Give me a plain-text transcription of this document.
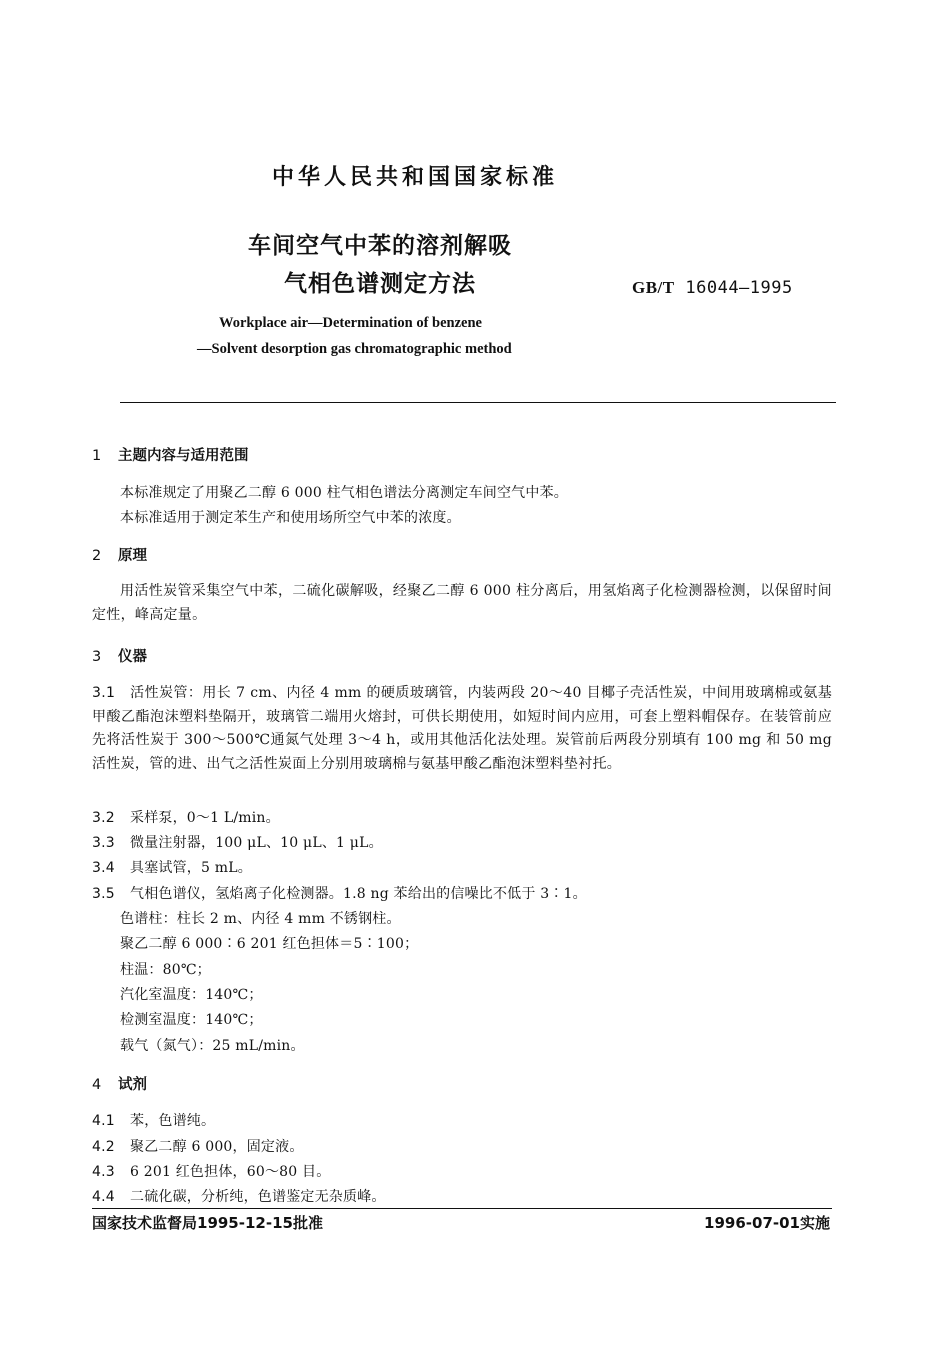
中华人民共和国国家标准
车间空气中苯的溶剂解吸
气相色谱测定方法	GB/T 16044—1995
Workplace air—Determination of benzene
—Solvent desorption gas chromatographic method
1 主题内容与适用范围
本标准规定了用聚乙二醇 6 000 柱气相色谱法分离测定车间空气中苯。
本标准适用于测定苯生产和使用场所空气中苯的浓度。
2 原理
用活性炭管采集空气中苯，二硫化碳解吸，经聚乙二醇 6 000 柱分离后，用氢焰离子化检测器检测，以保留时间定性，峰高定量。
3 仪器
3.1 活性炭管：用长 7 cm、内径 4 mm 的硬质玻璃管，内装两段 20～40 目椰子壳活性炭，中间用玻璃棉或氨基甲酸乙酯泡沫塑料垫隔开，玻璃管二端用火熔封，可供长期使用，如短时间内应用，可套上塑料帽保存。在装管前应先将活性炭于 300～500℃通氮气处理 3～4 h，或用其他活化法处理。炭管前后两段分别填有 100 mg 和 50 mg 活性炭，管的进、出气之活性炭面上分别用玻璃棉与氨基甲酸乙酯泡沫塑料垫衬托。
3.2 采样泵，0～1 L/min。
3.3 微量注射器，100 μL、10 μL、1 μL。
3.4 具塞试管，5 mL。
3.5 气相色谱仪，氢焰离子化检测器。1.8 ng 苯给出的信噪比不低于 3∶1。
色谱柱：柱长 2 m、内径 4 mm 不锈钢柱。
聚乙二醇 6 000∶6 201 红色担体＝5∶100；
柱温：80℃；
汽化室温度：140℃；
检测室温度：140℃；
载气（氮气）：25 mL/min。
4 试剂
4.1 苯，色谱纯。
4.2 聚乙二醇 6 000，固定液。
4.3 6 201 红色担体，60～80 目。
4.4 二硫化碳，分析纯，色谱鉴定无杂质峰。
国家技术监督局1995-12-15批准	1996-07-01实施
